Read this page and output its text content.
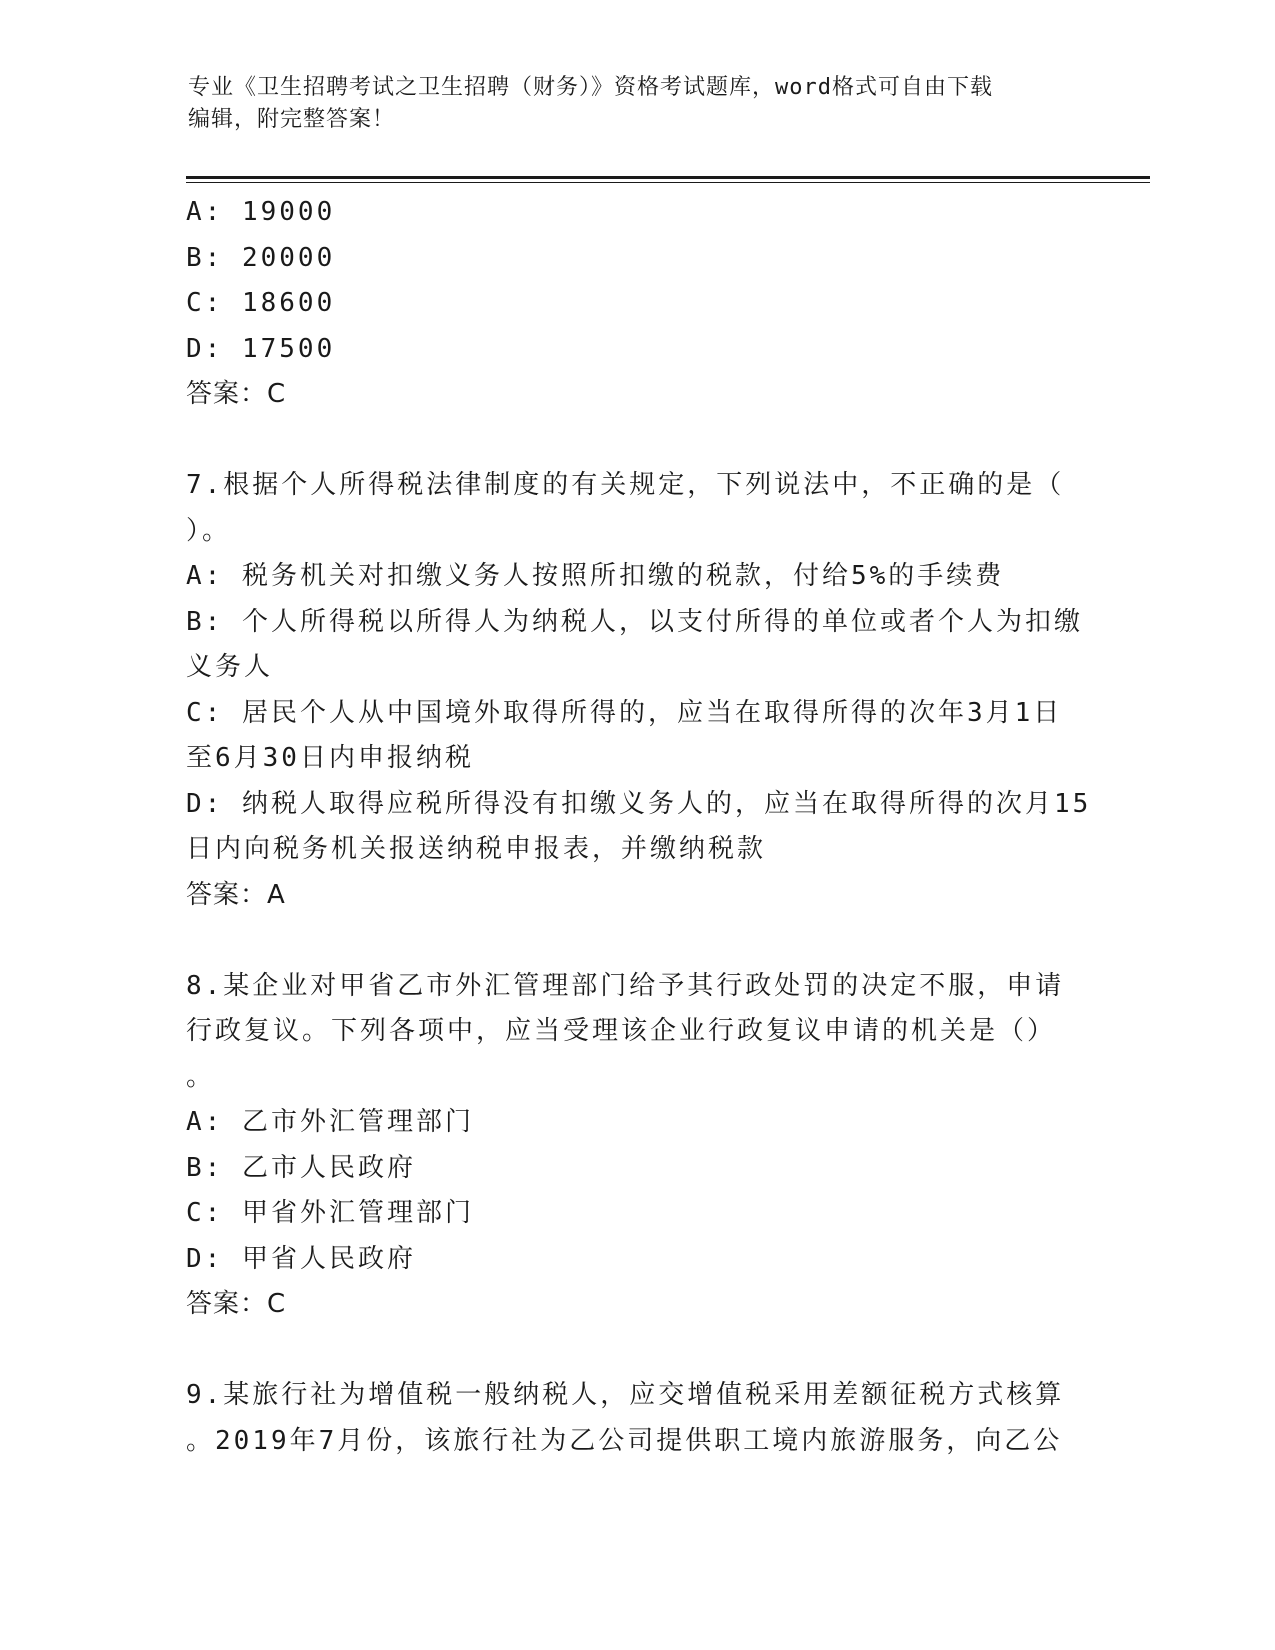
专业《卫生招聘考试之卫生招聘（财务）》资格考试题库，word格式可自由下载
编辑，附完整答案！
A: 19000
B: 20000
C: 18600
D: 17500
答案：C
7.根据个人所得税法律制度的有关规定，下列说法中，不正确的是（
）。
A: 税务机关对扣缴义务人按照所扣缴的税款，付给5%的手续费
B: 个人所得税以所得人为纳税人，以支付所得的单位或者个人为扣缴
义务人
C: 居民个人从中国境外取得所得的，应当在取得所得的次年3月1日
至6月30日内申报纳税
D: 纳税人取得应税所得没有扣缴义务人的，应当在取得所得的次月15
日内向税务机关报送纳税申报表，并缴纳税款
答案：A
8.某企业对甲省乙市外汇管理部门给予其行政处罚的决定不服，申请
行政复议。下列各项中，应当受理该企业行政复议申请的机关是（）
。
A: 乙市外汇管理部门
B: 乙市人民政府
C: 甲省外汇管理部门
D: 甲省人民政府
答案：C
9.某旅行社为增值税一般纳税人，应交增值税采用差额征税方式核算
。2019年7月份，该旅行社为乙公司提供职工境内旅游服务，向乙公
